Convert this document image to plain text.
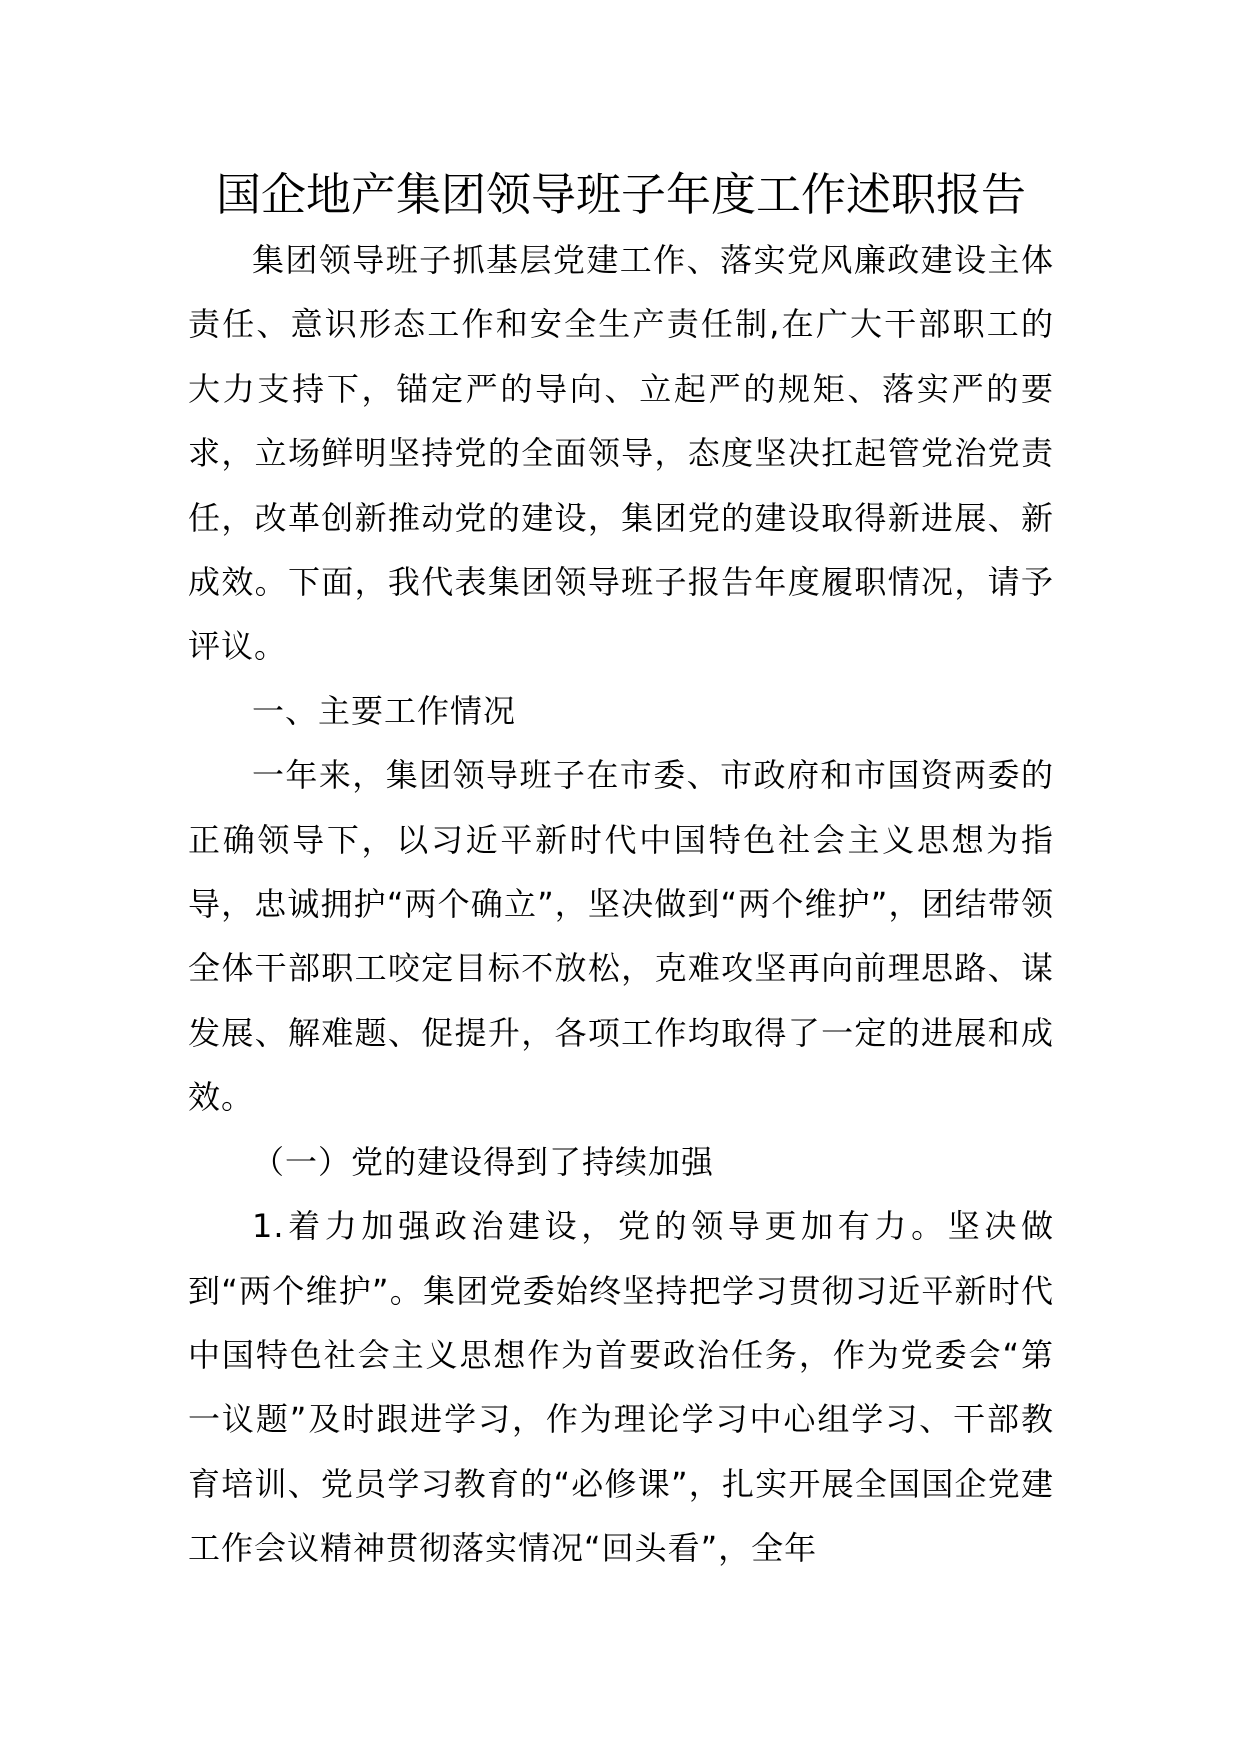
国企地产集团领导班子年度工作述职报告

集团领导班子抓基层党建工作、落实党风廉政建设主体责任、意识形态工作和安全生产责任制,在广大干部职工的大力支持下，锚定严的导向、立起严的规矩、落实严的要求，立场鲜明坚持党的全面领导，态度坚决扛起管党治党责任，改革创新推动党的建设，集团党的建设取得新进展、新成效。下面，我代表集团领导班子报告年度履职情况，请予评议。

一、主要工作情况

一年来，集团领导班子在市委、市政府和市国资两委的正确领导下，以习近平新时代中国特色社会主义思想为指导，忠诚拥护“两个确立”，坚决做到“两个维护”，团结带领全体干部职工咬定目标不放松，克难攻坚再向前理思路、谋发展、解难题、促提升，各项工作均取得了一定的进展和成效。

（一）党的建设得到了持续加强

1.着力加强政治建设，党的领导更加有力。坚决做到“两个维护”。集团党委始终坚持把学习贯彻习近平新时代中国特色社会主义思想作为首要政治任务，作为党委会“第一议题”及时跟进学习，作为理论学习中心组学习、干部教育培训、党员学习教育的“必修课”，扎实开展全国国企党建工作会议精神贯彻落实情况“回头看”，全年
